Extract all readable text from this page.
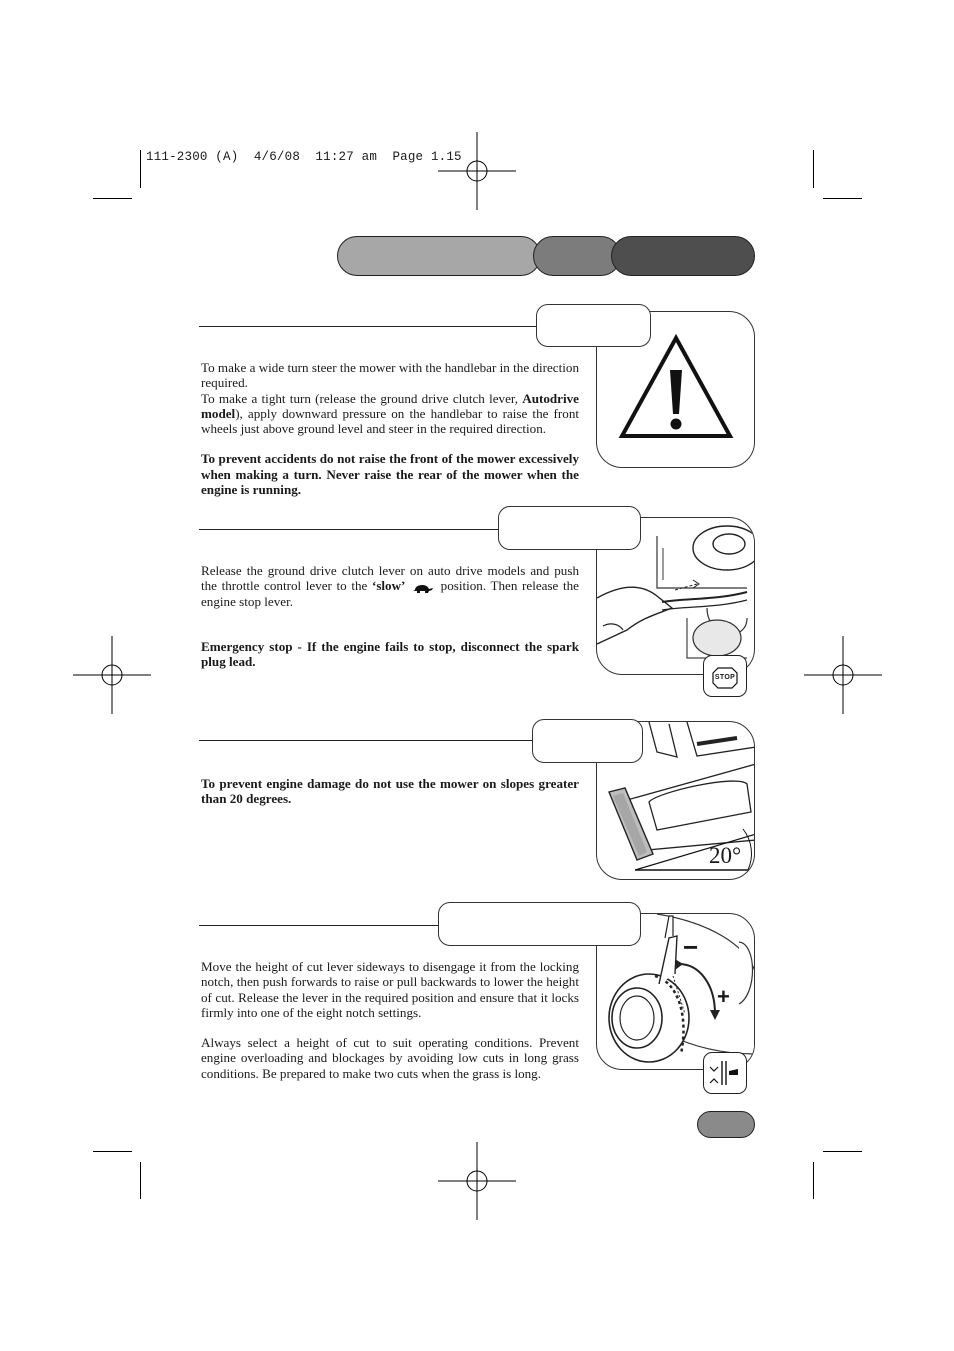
111-2300 (A)  4/6/08  11:27 am  Page 1.15

To make a wide turn steer the mower with the handlebar in the direction required.

To make a tight turn (release the ground drive clutch lever, Autodrive model), apply downward pressure on the handlebar to raise the front wheels just above ground level and steer in the required direction.

To prevent accidents do not raise the front of the mower excessively when making a turn. Never raise the rear of the mower when the engine is running.

STOP

Release the ground drive clutch lever on auto drive models and push the throttle control lever to the ‘slow’  position. Then release the engine stop lever.

Emergency stop - If the engine fails to stop, disconnect the spark plug lead.

20°

To prevent engine damage do not use the mower on slopes greater than 20 degrees.

−
+

Move the height of cut lever sideways to disengage it from the locking notch, then push forwards to raise or pull backwards to lower the height of cut. Release the lever in the required position and ensure that it locks firmly into one of the eight notch settings.

Always select a height of cut to suit operating conditions. Prevent engine overloading and blockages by avoiding low cuts in long grass conditions. Be prepared to make two cuts when the grass is long.
